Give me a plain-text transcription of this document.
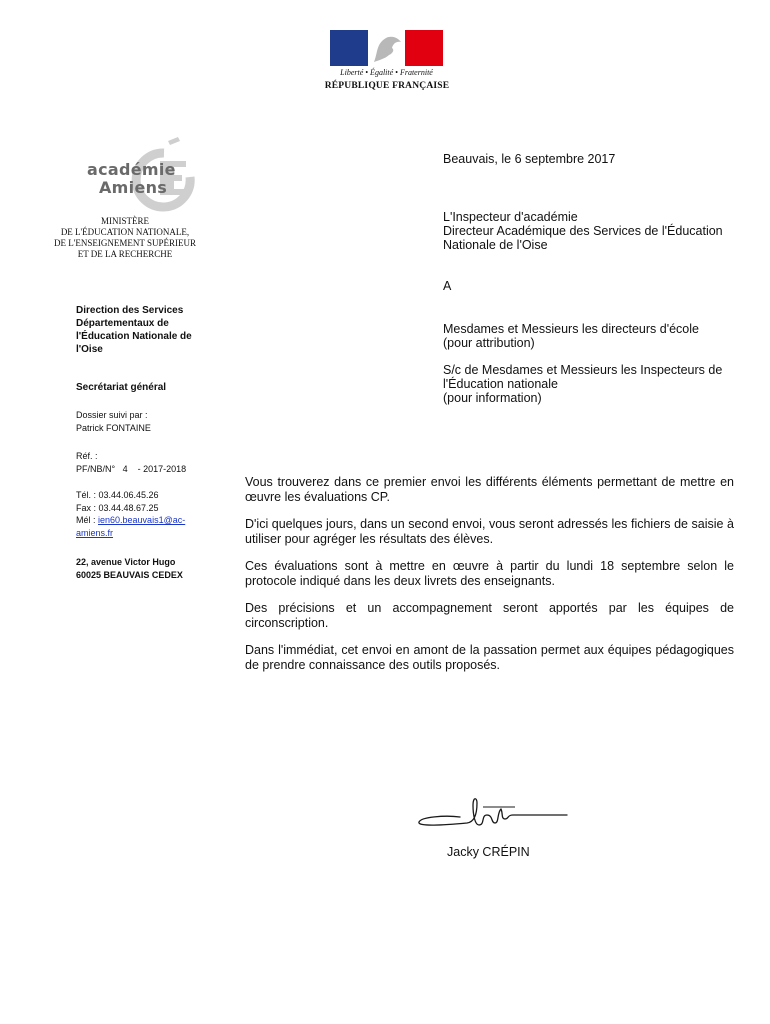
Liberté • Égalité • Fraternité
RÉPUBLIQUE FRANÇAISE
académie
Amiens
MINISTÈRE
DE L'ÉDUCATION NATIONALE,
DE L'ENSEIGNEMENT SUPÉRIEUR
ET DE LA RECHERCHE
Direction des Services
Départementaux de
l'Éducation Nationale de
l'Oise
Secrétariat général
Dossier suivi par :
Patrick FONTAINE
Réf. :
PF/NB/N°   4    - 2017-2018
Tél. : 03.44.06.45.26
Fax : 03.44.48.67.25
Mél : ien60.beauvais1@ac-
amiens.fr
22, avenue Victor Hugo
60025 BEAUVAIS CEDEX
Beauvais, le 6 septembre 2017
L'Inspecteur d'académie
Directeur Académique des Services de l'Éducation
Nationale de l'Oise
A
Mesdames et Messieurs les directeurs d'école
(pour attribution)
S/c de Mesdames et Messieurs les Inspecteurs de
l'Éducation nationale
(pour information)
Vous trouverez dans ce premier envoi les différents éléments permettant de mettre en œuvre les évaluations CP.
D'ici quelques jours, dans un second envoi, vous seront adressés les fichiers de saisie à utiliser pour agréger les résultats des élèves.
Ces évaluations sont à mettre en œuvre à partir du lundi 18 septembre selon le protocole indiqué dans les deux livrets des enseignants.
Des précisions et un accompagnement seront apportés par les équipes de circonscription.
Dans l'immédiat, cet envoi en amont de la passation permet aux équipes pédagogiques de prendre connaissance des outils proposés.
Jacky CRÉPIN
